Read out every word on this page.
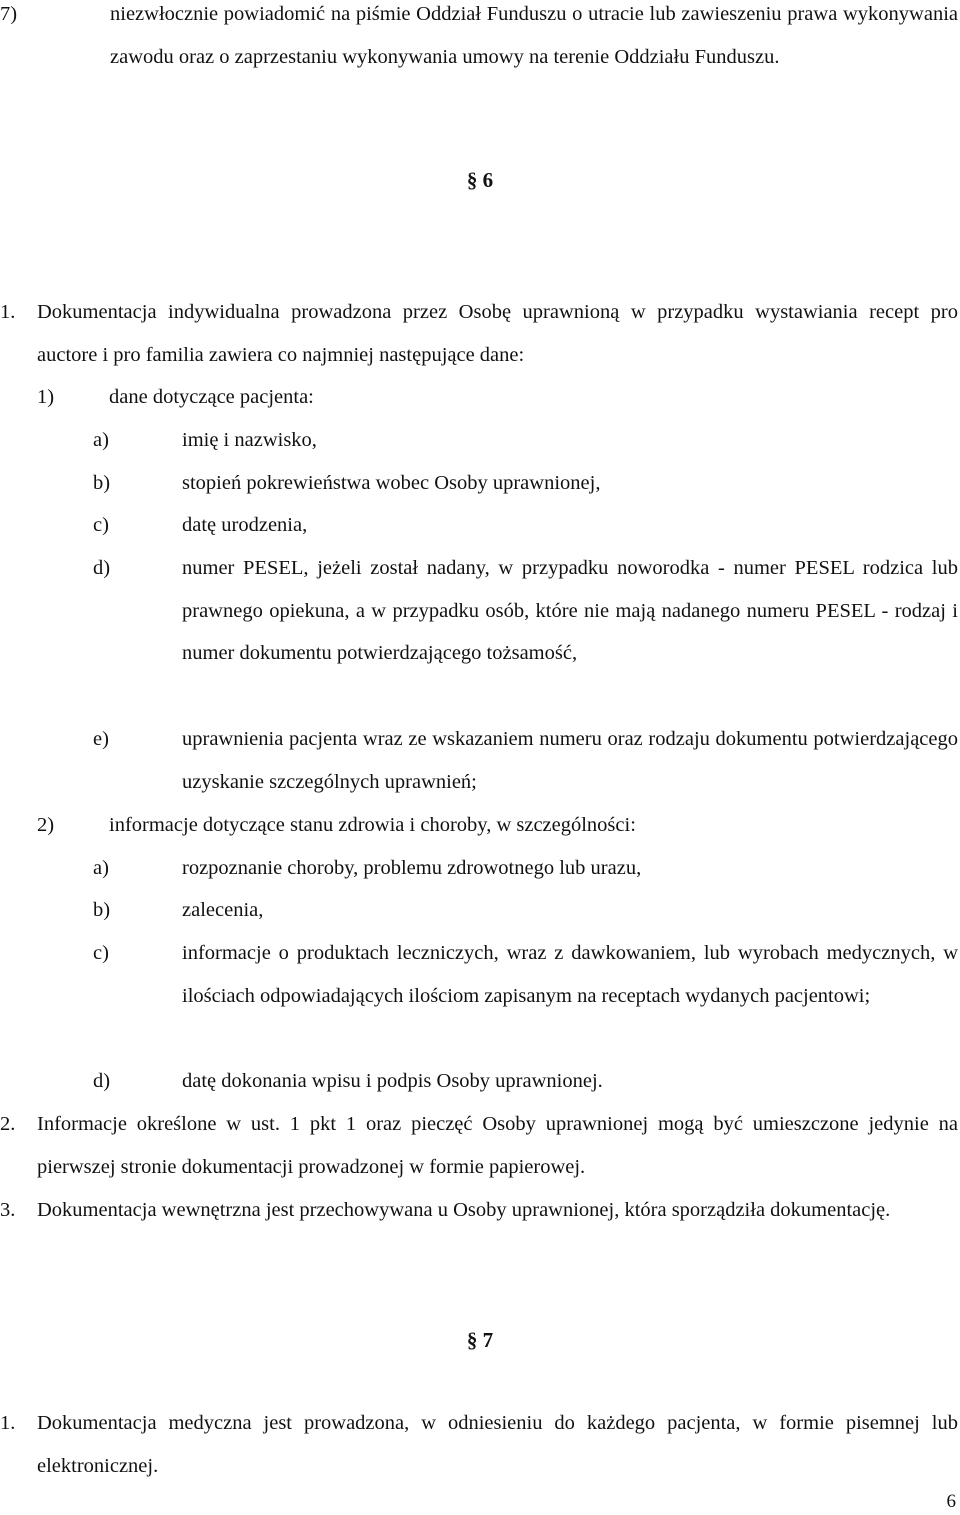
7)	niezwłocznie powiadomić na piśmie Oddział Funduszu o utracie lub zawieszeniu prawa wykonywania zawodu oraz o zaprzestaniu wykonywania umowy na terenie Oddziału Funduszu.
§ 6
1.	Dokumentacja indywidualna prowadzona przez Osobę uprawnioną w przypadku wystawiania recept pro auctore i pro familia zawiera co najmniej następujące dane:
1)	dane dotyczące pacjenta:
a)	imię i nazwisko,
b)	stopień pokrewieństwa wobec Osoby uprawnionej,
c)	datę urodzenia,
d)	numer PESEL, jeżeli został nadany, w przypadku noworodka - numer PESEL rodzica lub prawnego opiekuna, a w przypadku osób, które nie mają nadanego numeru PESEL - rodzaj i numer dokumentu potwierdzającego tożsamość,
e)	uprawnienia pacjenta wraz ze wskazaniem numeru oraz rodzaju dokumentu potwierdzającego uzyskanie szczególnych uprawnień;
2)	informacje dotyczące stanu zdrowia i choroby, w szczególności:
a)	rozpoznanie choroby, problemu zdrowotnego lub urazu,
b)	zalecenia,
c)	informacje o produktach leczniczych, wraz z dawkowaniem, lub wyrobach medycznych, w ilościach odpowiadających ilościom zapisanym na receptach wydanych pacjentowi;
d)	datę dokonania wpisu i podpis Osoby uprawnionej.
2.	Informacje określone w ust. 1 pkt 1 oraz pieczęć Osoby uprawnionej mogą być umieszczone jedynie na pierwszej stronie dokumentacji prowadzonej w formie papierowej.
3.	Dokumentacja wewnętrzna jest przechowywana u Osoby uprawnionej, która sporządziła dokumentację.
§ 7
1.	Dokumentacja medyczna jest prowadzona, w odniesieniu do każdego pacjenta, w formie pisemnej lub elektronicznej.
6
